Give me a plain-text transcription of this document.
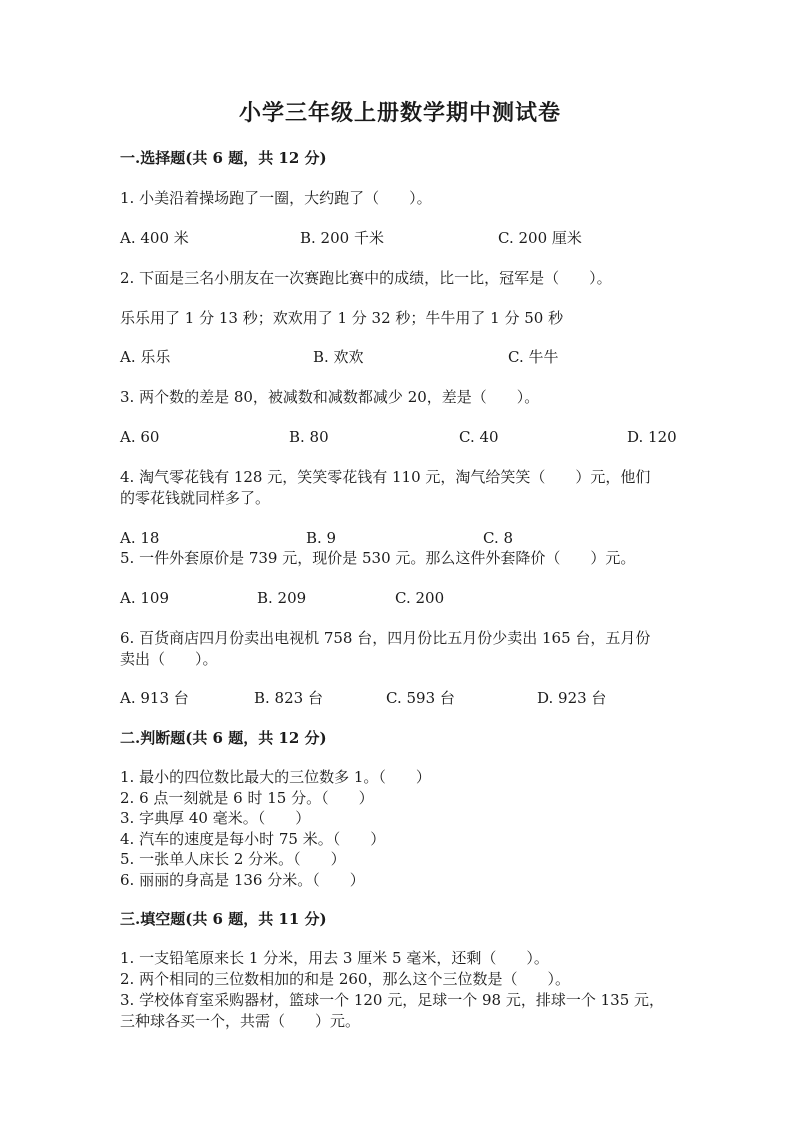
小学三年级上册数学期中测试卷
一.选择题(共 6 题，共 12 分)
1. 小美沿着操场跑了一圈，大约跑了（　　）。
A. 400 米	B. 200 千米	C. 200 厘米
2. 下面是三名小朋友在一次赛跑比赛中的成绩，比一比，冠军是（　　）。
乐乐用了 1 分 13 秒；欢欢用了 1 分 32 秒；牛牛用了 1 分 50 秒
A. 乐乐	B. 欢欢	C. 牛牛
3. 两个数的差是 80，被减数和减数都减少 20，差是（　　）。
A. 60	B. 80	C. 40	D. 120
4. 淘气零花钱有 128 元，笑笑零花钱有 110 元，淘气给笑笑（　　）元，他们
的零花钱就同样多了。
A. 18	B. 9	C. 8
5. 一件外套原价是 739 元，现价是 530 元。那么这件外套降价（　　）元。
A. 109	B. 209	C. 200
6. 百货商店四月份卖出电视机 758 台，四月份比五月份少卖出 165 台，五月份
卖出（　　）。
A. 913 台	B. 823 台	C. 593 台	D. 923 台
二.判断题(共 6 题，共 12 分)
1. 最小的四位数比最大的三位数多 1。（　　）
2. 6 点一刻就是 6 时 15 分。（　　）
3. 字典厚 40 毫米。（　　）
4. 汽车的速度是每小时 75 米。（　　）
5. 一张单人床长 2 分米。（　　）
6. 丽丽的身高是 136 分米。（　　）
三.填空题(共 6 题，共 11 分)
1. 一支铅笔原来长 1 分米，用去 3 厘米 5 毫米，还剩（　　）。
2. 两个相同的三位数相加的和是 260，那么这个三位数是（　　）。
3. 学校体育室采购器材，篮球一个 120 元，足球一个 98 元，排球一个 135 元，
三种球各买一个，共需（　　）元。
